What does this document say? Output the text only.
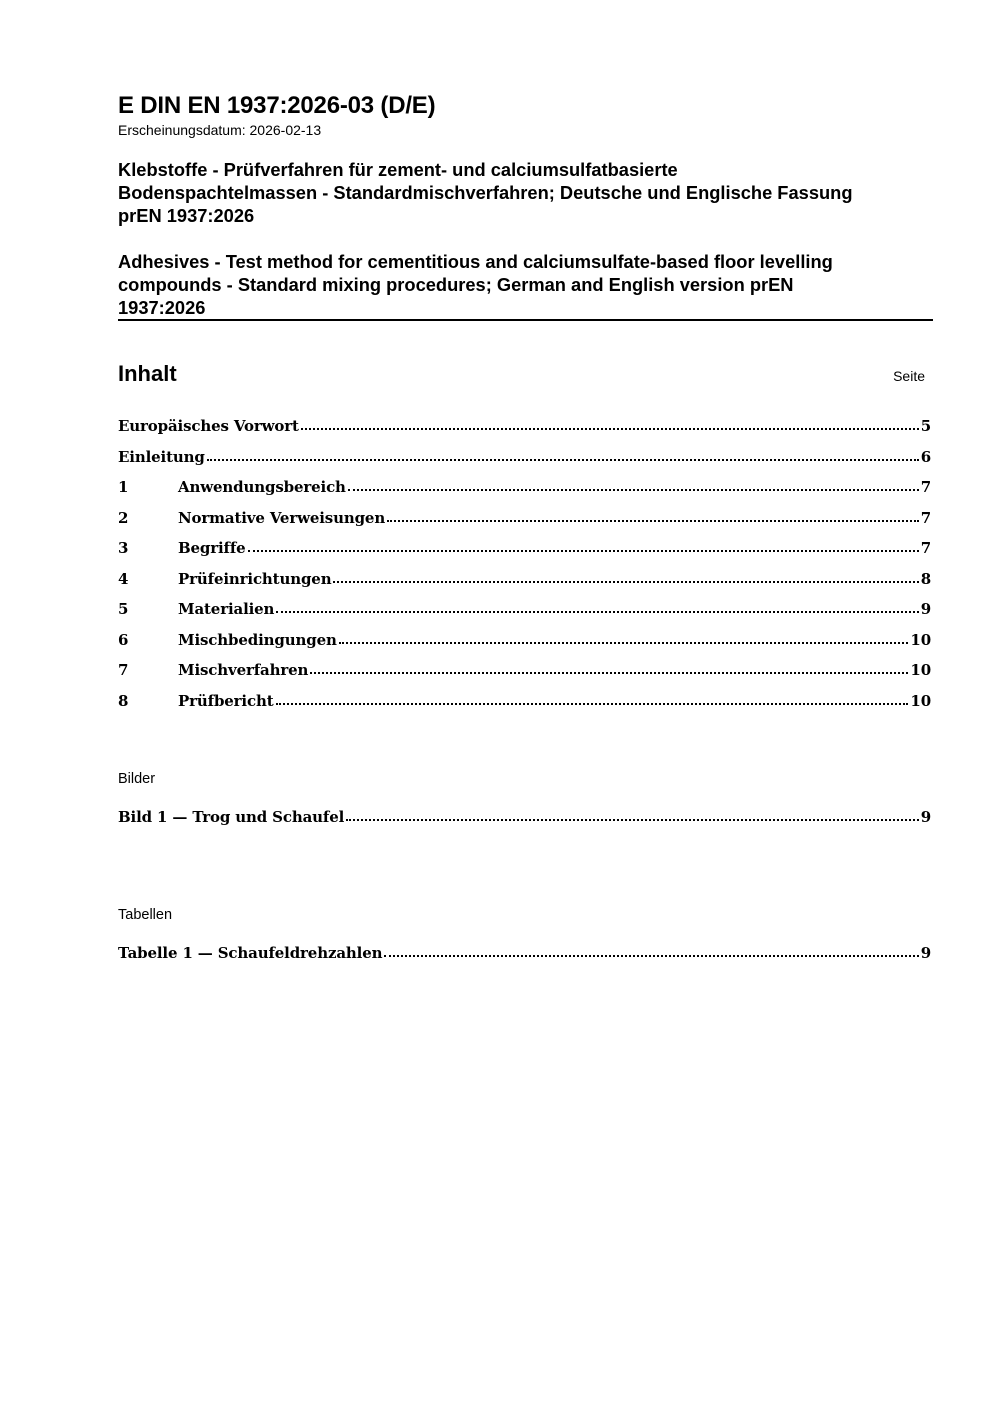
E DIN EN 1937:2026-03 (D/E)

Erscheinungsdatum: 2026-02-13

Klebstoffe - Prüfverfahren für zement- und calciumsulfatbasierte
Bodenspachtelmassen - Standardmischverfahren; Deutsche und Englische Fassung
prEN 1937:2026

Adhesives - Test method for cementitious and calciumsulfate-based floor levelling
compounds - Standard mixing procedures; German and English version prEN
1937:2026

Inhalt	Seite

Europäisches Vorwort	5
Einleitung	6
1	Anwendungsbereich	7
2	Normative Verweisungen	7
3	Begriffe	7
4	Prüfeinrichtungen	8
5	Materialien	9
6	Mischbedingungen	10
7	Mischverfahren	10
8	Prüfbericht	10

Bilder

Bild 1 — Trog und Schaufel	9

Tabellen

Tabelle 1 — Schaufeldrehzahlen	9
